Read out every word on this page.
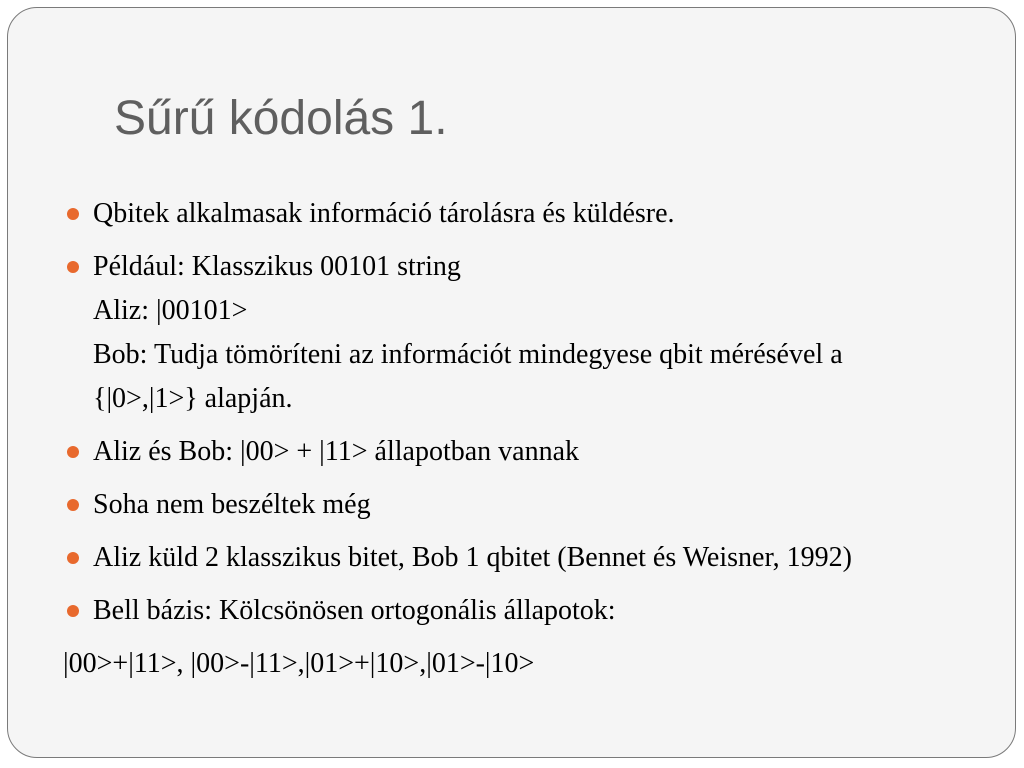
Sűrű kódolás 1.
Qbitek alkalmasak információ tárolásra és küldésre.
Például: Klasszikus 00101 string
Aliz: |00101>
Bob: Tudja tömöríteni az információt mindegyese qbit mérésével a
{|0>,|1>} alapján.
Aliz és Bob: |00> + |11> állapotban vannak
Soha nem beszéltek még
Aliz küld 2 klasszikus bitet, Bob 1 qbitet (Bennet és Weisner, 1992)
Bell bázis: Kölcsönösen ortogonális állapotok:
|00>+|11>, |00>-|11>,|01>+|10>,|01>-|10>
